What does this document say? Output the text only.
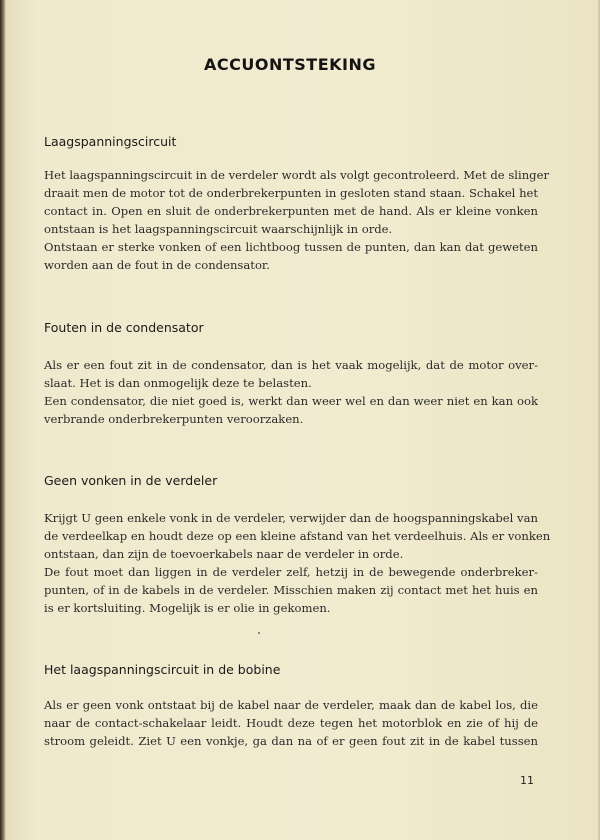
ACCUONTSTEKING
Laagspanningscircuit
Het laagspanningscircuit in de verdeler wordt als volgt gecontroleerd. Met de slinger
draait men de motor tot de onderbrekerpunten in gesloten stand staan. Schakel het
contact in. Open en sluit de onderbrekerpunten met de hand. Als er kleine vonken
ontstaan is het laagspanningscircuit waarschijnlijk in orde.
Ontstaan er sterke vonken of een lichtboog tussen de punten, dan kan dat geweten
worden aan de fout in de condensator.
Fouten in de condensator
Als er een fout zit in de condensator, dan is het vaak mogelijk, dat de motor over-
slaat. Het is dan onmogelijk deze te belasten.
Een condensator, die niet goed is, werkt dan weer wel en dan weer niet en kan ook
verbrande onderbrekerpunten veroorzaken.
Geen vonken in de verdeler
Krijgt U geen enkele vonk in de verdeler, verwijder dan de hoogspanningskabel van
de verdeelkap en houdt deze op een kleine afstand van het verdeelhuis. Als er vonken
ontstaan, dan zijn de toevoerkabels naar de verdeler in orde.
De fout moet dan liggen in de verdeler zelf, hetzij in de bewegende onderbreker-
punten, of in de kabels in de verdeler. Misschien maken zij contact met het huis en
is er kortsluiting. Mogelijk is er olie in gekomen.
Het laagspanningscircuit in de bobine
Als er geen vonk ontstaat bij de kabel naar de verdeler, maak dan de kabel los, die
naar de contact-schakelaar leidt. Houdt deze tegen het motorblok en zie of hij de
stroom geleidt. Ziet U een vonkje, ga dan na of er geen fout zit in de kabel tussen
11
